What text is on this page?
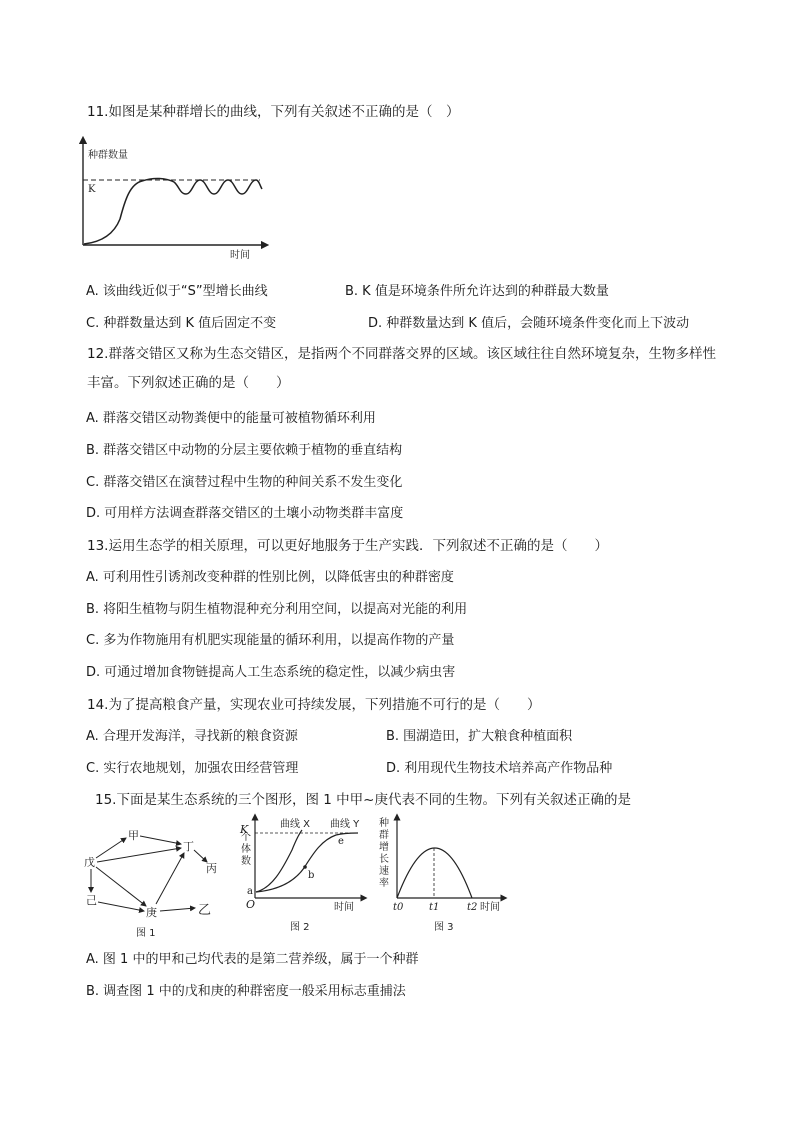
11.如图是某种群增长的曲线，下列有关叙述不正确的是（　）
种群数量
K
时间
A. 该曲线近似于“S”型增长曲线	B. K 值是环境条件所允许达到的种群最大数量
C. 种群数量达到 K 值后固定不变	D. 种群数量达到 K 值后，会随环境条件变化而上下波动
12.群落交错区又称为生态交错区，是指两个不同群落交界的区域。该区域往往自然环境复杂，生物多样性丰富。下列叙述正确的是（　　）
A. 群落交错区动物粪便中的能量可被植物循环利用
B. 群落交错区中动物的分层主要依赖于植物的垂直结构
C. 群落交错区在演替过程中生物的种间关系不发生变化
D. 可用样方法调查群落交错区的土壤小动物类群丰富度
13.运用生态学的相关原理，可以更好地服务于生产实践．下列叙述不正确的是（　　）
A. 可利用性引诱剂改变种群的性别比例，以降低害虫的种群密度
B. 将阳生植物与阴生植物混种充分利用空间，以提高对光能的利用
C. 多为作物施用有机肥实现能量的循环利用，以提高作物的产量
D. 可通过增加食物链提高人工生态系统的稳定性，以减少病虫害
14.为了提高粮食产量，实现农业可持续发展，下列措施不可行的是（　　）
A. 合理开发海洋，寻找新的粮食资源	B. 围湖造田，扩大粮食种植面积
C. 实行农地规划，加强农田经营管理	D. 利用现代生物技术培养高产作物品种
15.下面是某生态系统的三个图形，图 1 中甲~庚代表不同的生物。下列有关叙述正确的是
甲
丁
戊	丙
己
庚	乙
图 1
曲线 X 曲线 Y
个
K
体
数
a
b
e
O	时间
图 2
种
群
增
长
速
率
t0	t1	t2 时间
图 3
A. 图 1 中的甲和己均代表的是第二营养级，属于一个种群
B. 调查图 1 中的戊和庚的种群密度一般采用标志重捕法
